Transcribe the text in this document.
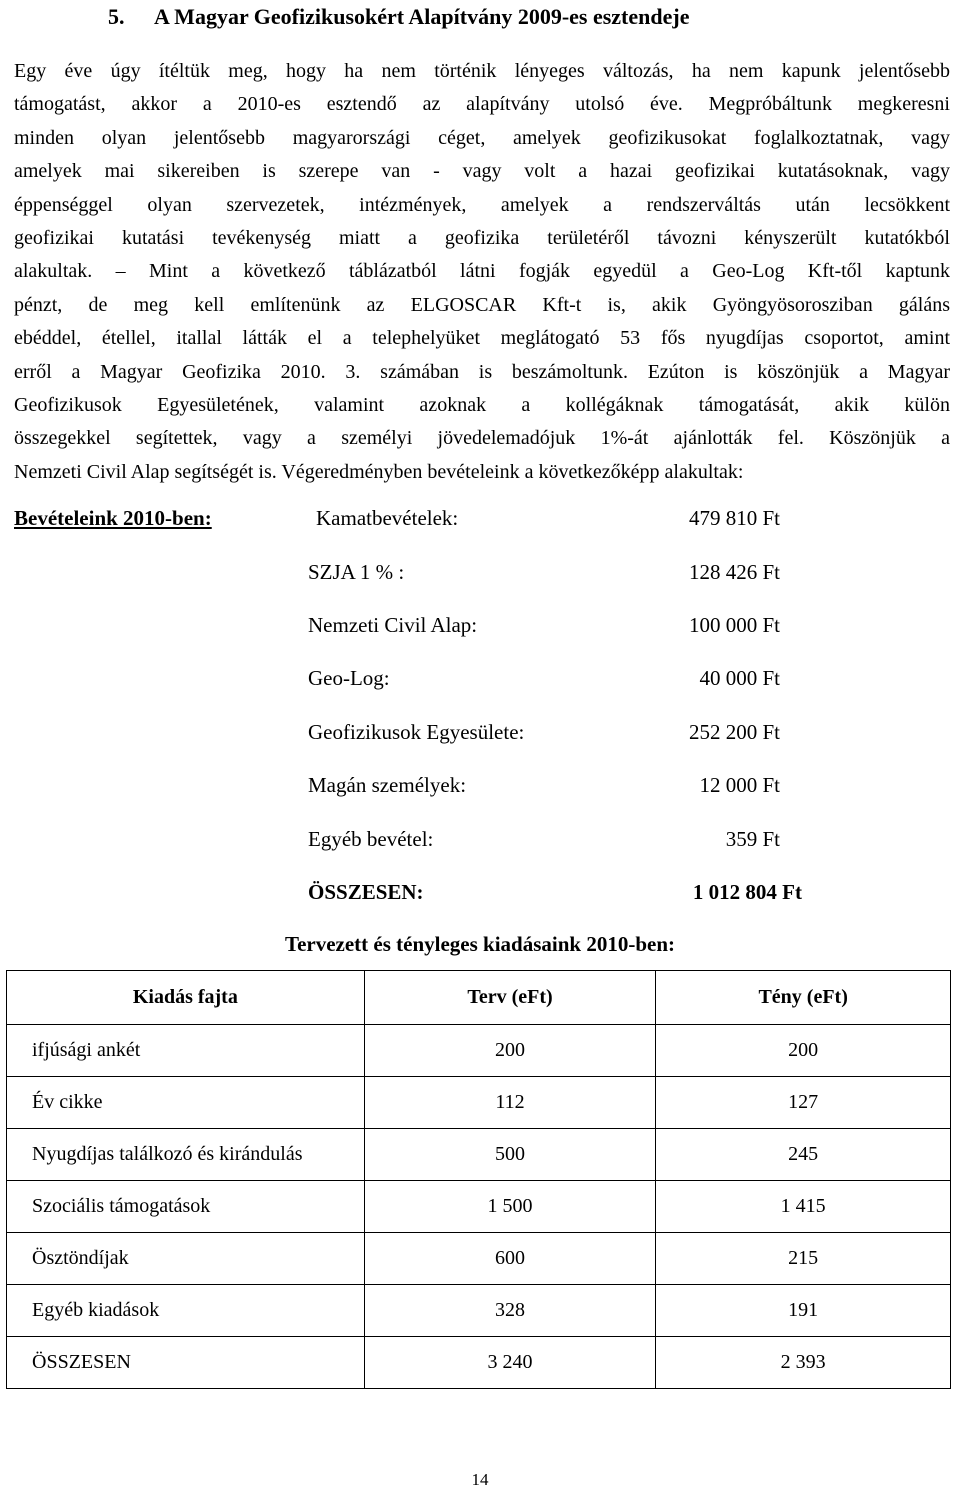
5. A Magyar Geofizikusokért Alapítvány 2009-es esztendeje
Egy éve úgy ítéltük meg, hogy ha nem történik lényeges változás, ha nem kapunk jelentősebb
támogatást, akkor a 2010-es esztendő az alapítvány utolsó éve. Megpróbáltunk megkeresni
minden olyan jelentősebb magyarországi céget, amelyek geofizikusokat foglalkoztatnak, vagy
amelyek mai sikereiben is szerepe van - vagy volt a hazai geofizikai kutatásoknak, vagy
éppenséggel olyan szervezetek, intézmények, amelyek a rendszerváltás után lecsökkent
geofizikai kutatási tevékenység miatt a geofizika területéről távozni kényszerült kutatókból
alakultak. – Mint a következő táblázatból látni fogják egyedül a Geo-Log Kft-től kaptunk
pénzt, de meg kell említenünk az ELGOSCAR Kft-t is, akik Gyöngyösorosziban gáláns
ebéddel, étellel, itallal látták el a telephelyüket meglátogató 53 fős nyugdíjas csoportot, amint
erről a Magyar Geofizika 2010. 3. számában is beszámoltunk. Ezúton is köszönjük a Magyar
Geofizikusok Egyesületének, valamint azoknak a kollégáknak támogatását, akik külön
összegekkel segítettek, vagy a személyi jövedelemadójuk 1%-át ajánlották fel. Köszönjük a
Nemzeti Civil Alap segítségét is. Végeredményben bevételeink a következőképp alakultak:
Bevételeink 2010-ben:	Kamatbevételek:	479 810 Ft
SZJA 1 % :	128 426 Ft
Nemzeti Civil Alap:	100 000 Ft
Geo-Log:	40 000 Ft
Geofizikusok Egyesülete:	252 200 Ft
Magán személyek:	12 000 Ft
Egyéb bevétel:	359 Ft
ÖSSZESEN:	1 012 804 Ft
Tervezett és tényleges kiadásaink 2010-ben:
Kiadás fajta	Terv (eFt)	Tény (eFt)
ifjúsági ankét	200	200
Év cikke	112	127
Nyugdíjas találkozó és kirándulás	500	245
Szociális támogatások	1 500	1 415
Ösztöndíjak	600	215
Egyéb kiadások	328	191
ÖSSZESEN	3 240	2 393
14
